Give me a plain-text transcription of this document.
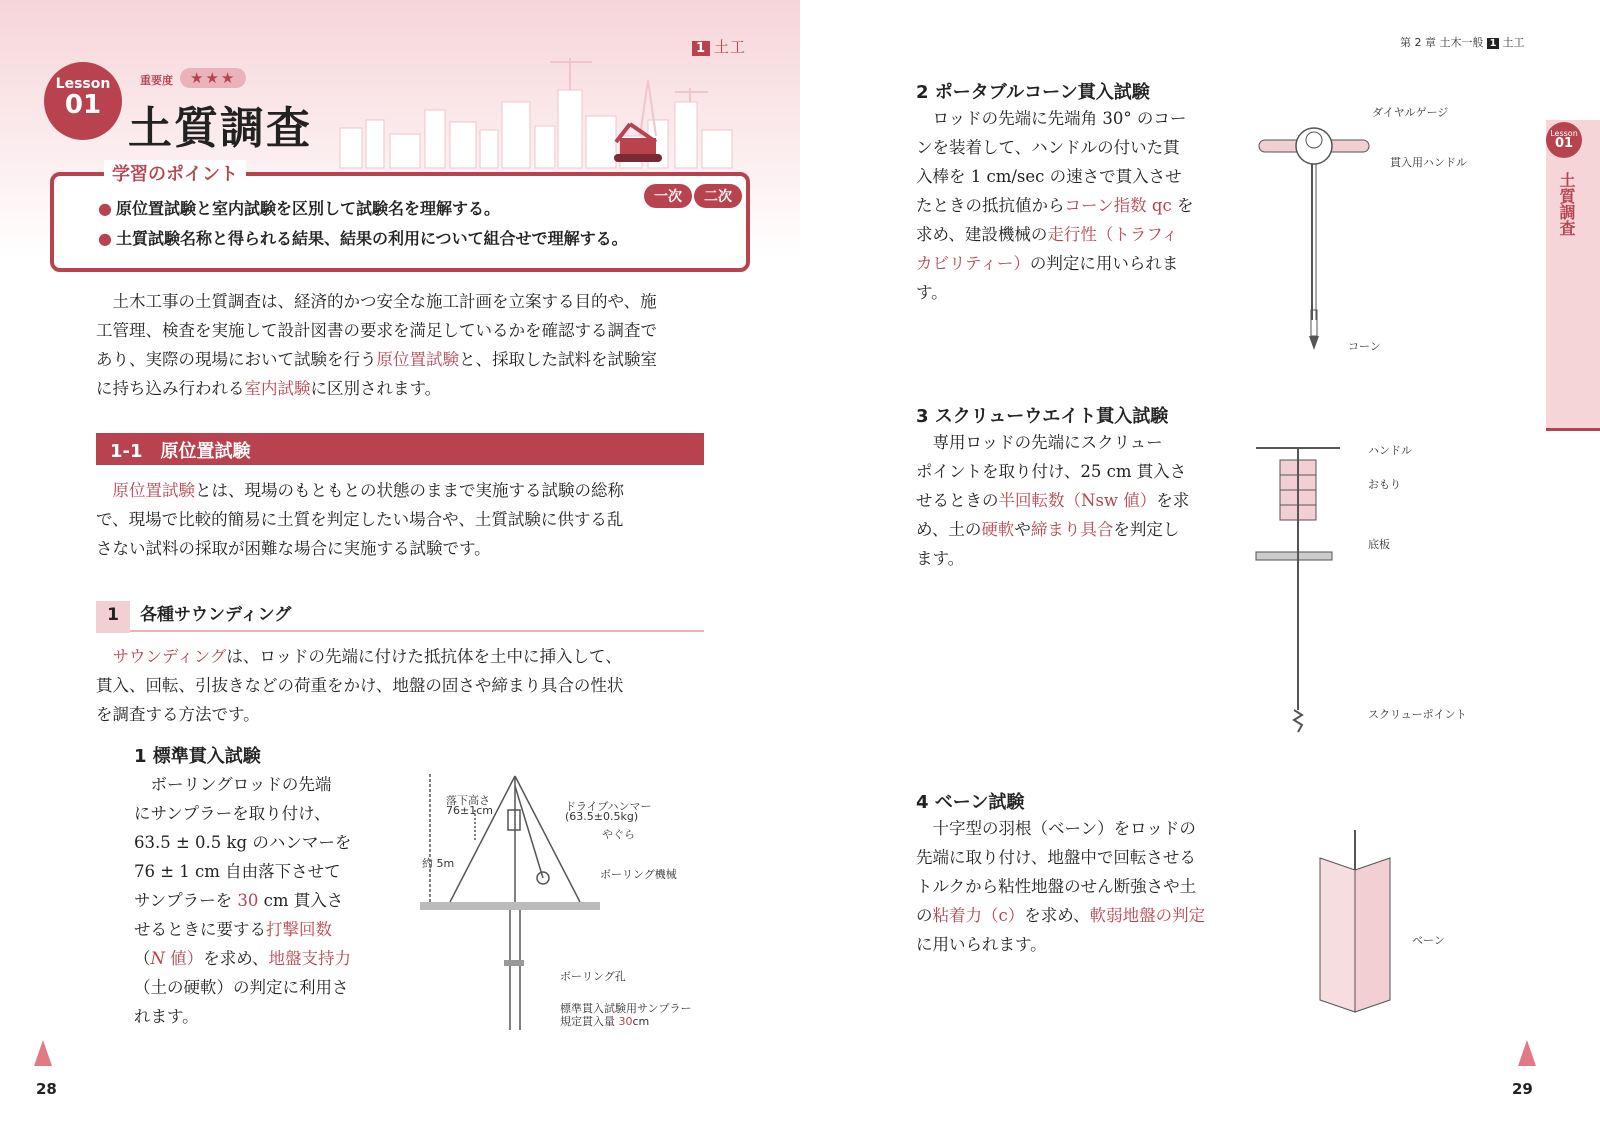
1 土工
Lesson
01
重要度	★★★
土質調査
● 原位置試験と室内試験を区別して試験名を理解する。
● 土質試験名称と得られる結果、結果の利用について組合せで理解する。
学習のポイント
一次	二次
土木工事の土質調査は、経済的かつ安全な施工計画を立案する目的や、施
工管理、検査を実施して設計図書の要求を満足しているかを確認する調査で
あり、実際の現場において試験を行う原位置試験と、採取した試料を試験室
に持ち込み行われる室内試験に区別されます。
1-1　原位置試験
原位置試験とは、現場のもともとの状態のままで実施する試験の総称
で、現場で比較的簡易に土質を判定したい場合や、土質試験に供する乱
さない試料の採取が困難な場合に実施する試験です。
1 各種サウンディング
サウンディングは、ロッドの先端に付けた抵抗体を土中に挿入して、
貫入、回転、引抜きなどの荷重をかけ、地盤の固さや締まり具合の性状
を調査する方法です。
1 標準貫入試験
ボーリングロッドの先端
にサンプラーを取り付け、
63.5 ± 0.5 kg のハンマーを
76 ± 1 cm 自由落下させて
サンプラーを 30 cm 貫入さ
せるときに要する打撃回数
（N 値）を求め、地盤支持力
（土の硬軟）の判定に利用さ
れます。
落下高さ
76±1cm	ドライブハンマー
(63.5±0.5kg)
やぐら
約 5m
ボーリング機械
ボーリング孔
標準貫入試験用サンプラー
規定貫入量 30cm
28
第 2 章 土木一般 1 土工
Lesson
01
土質調査
2 ポータブルコーン貫入試験
ロッドの先端に先端角 30° のコー
ンを装着して、ハンドルの付いた貫
入棒を 1 cm/sec の速さで貫入させ
たときの抵抗値からコーン指数 qc を
求め、建設機械の走行性（トラフィ
カビリティー）の判定に用いられま
す。
ダイヤルゲージ
貫入用ハンドル
コーン
3 スクリューウエイト貫入試験
専用ロッドの先端にスクリュー
ポイントを取り付け、25 cm 貫入さ
せるときの半回転数（Nsw 値）を求
め、土の硬軟や締まり具合を判定し
ます。
ハンドル
おもり
底板
スクリューポイント
4 ベーン試験
十字型の羽根（ベーン）をロッドの
先端に取り付け、地盤中で回転させる
トルクから粘性地盤のせん断強さや土
の粘着力（c）を求め、軟弱地盤の判定
に用いられます。	ベーン
29
